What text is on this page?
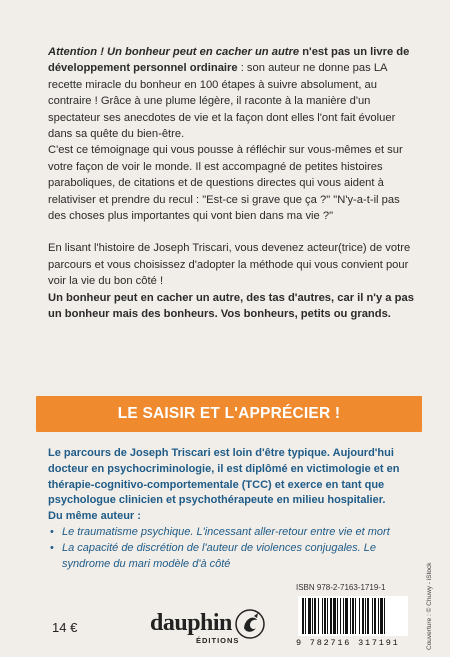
Attention ! Un bonheur peut en cacher un autre n'est pas un livre de développement personnel ordinaire : son auteur ne donne pas LA recette miracle du bonheur en 100 étapes à suivre absolument, au contraire ! Grâce à une plume légère, il raconte à la manière d'un spectateur ses anecdotes de vie et la façon dont elles l'ont fait évoluer dans sa quête du bien-être.

C'est ce témoignage qui vous pousse à réfléchir sur vous-mêmes et sur votre façon de voir le monde. Il est accompagné de petites histoires paraboliques, de citations et de questions directes qui vous aident à relativiser et prendre du recul : "Est-ce si grave que ça ?" "N'y-a-t-il pas des choses plus importantes qui vont bien dans ma vie ?"

En lisant l'histoire de Joseph Triscari, vous devenez acteur(trice) de votre parcours et vous choisissez d'adopter la méthode qui vous convient pour voir la vie du bon côté !

Un bonheur peut en cacher un autre, des tas d'autres, car il n'y a pas un bonheur mais des bonheurs. Vos bonheurs, petits ou grands.

LE SAISIR ET L'APPRÉCIER !

Le parcours de Joseph Triscari est loin d'être typique. Aujourd'hui docteur en psychocriminologie, il est diplômé en victimologie et en thérapie-cognitivo-comportementale (TCC) et exerce en tant que psychologue clinicien et psychothérapeute en milieu hospitalier.

Du même auteur :

• Le traumatisme psychique. L'incessant aller-retour entre vie et mort
• La capacité de discrétion de l'auteur de violences conjugales. Le syndrome du mari modèle d'à côté
ISBN 978-2-7163-1719-1
9 782716 317191
14 €	dauphin
ÉDITIONS	Couverture : © Chuwy - iStock
